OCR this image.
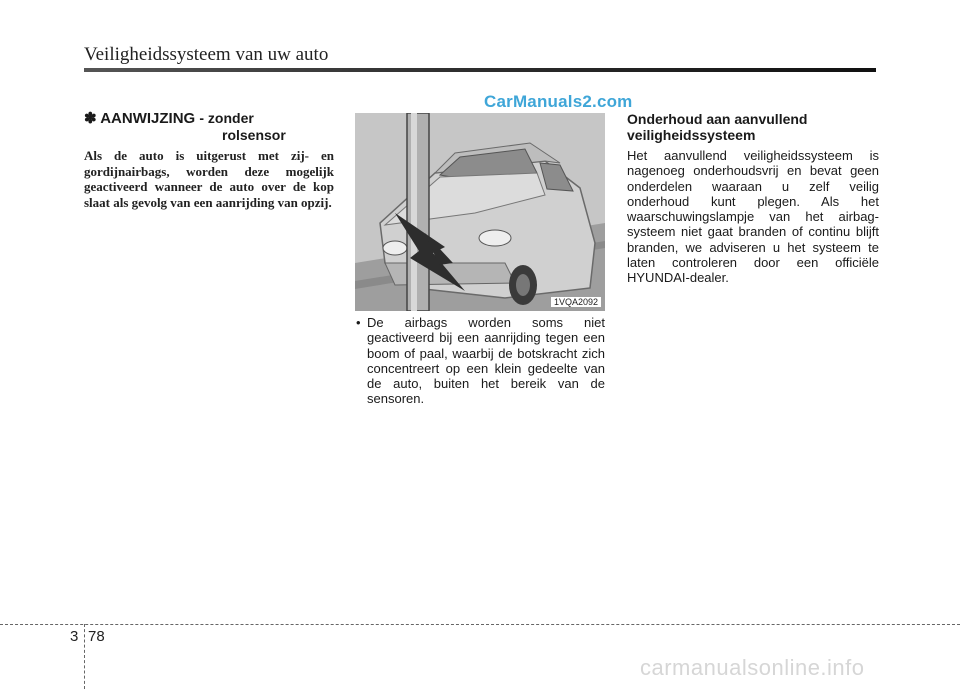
Veiligheidssysteem van uw auto
CarManuals2.com
✽ AANWIJZING - zonder
rolsensor
Als de auto is uitgerust met zij- en gordijnairbags, worden deze mogelijk geactiveerd wanneer de auto over de kop slaat als gevolg van een aanrijding van opzij.
1VQA2092
• De airbags worden soms niet geactiveerd bij een aanrijding tegen een boom of paal, waarbij de botskracht zich concentreert op een klein gedeelte van de auto, buiten het bereik van de sensoren.
Onderhoud aan aanvullend veiligheidssysteem
Het aanvullend veiligheidssysteem is nagenoeg onderhoudsvrij en bevat geen onderdelen waaraan u zelf veilig onderhoud kunt plegen. Als het waarschuwingslampje van het airbag- systeem niet gaat branden of continu blijft branden, we adviseren u het systeem te laten controleren door een officiële HYUNDAI-dealer.
3 78
carmanualsonline.info
